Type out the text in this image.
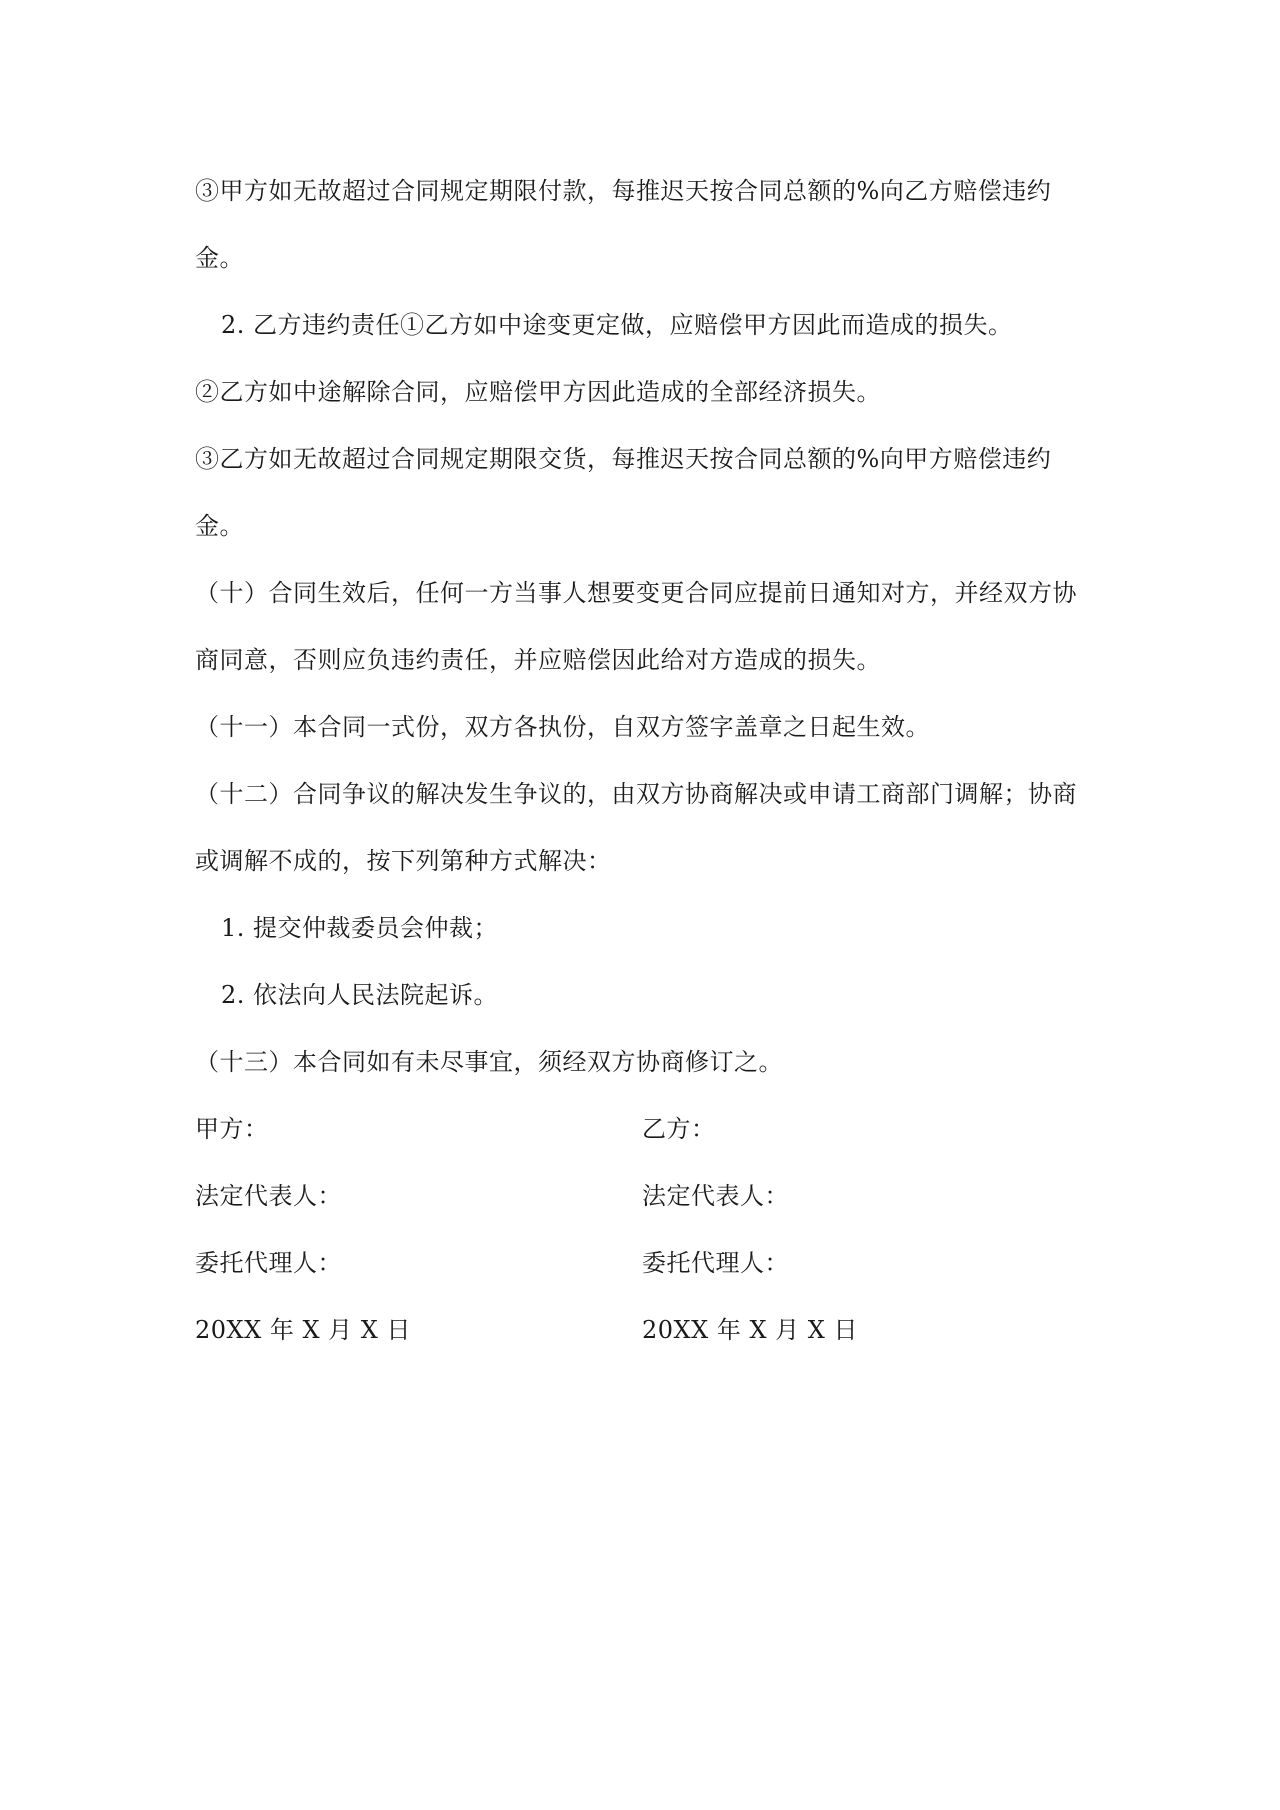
③甲方如无故超过合同规定期限付款，每推迟天按合同总额的%向乙方赔偿违约金。

2. 乙方违约责任①乙方如中途变更定做，应赔偿甲方因此而造成的损失。

②乙方如中途解除合同，应赔偿甲方因此造成的全部经济损失。

③乙方如无故超过合同规定期限交货，每推迟天按合同总额的%向甲方赔偿违约金。

（十）合同生效后，任何一方当事人想要变更合同应提前日通知对方，并经双方协商同意，否则应负违约责任，并应赔偿因此给对方造成的损失。

（十一）本合同一式份，双方各执份，自双方签字盖章之日起生效。

（十二）合同争议的解决发生争议的，由双方协商解决或申请工商部门调解；协商或调解不成的，按下列第种方式解决：

1. 提交仲裁委员会仲裁；

2. 依法向人民法院起诉。

（十三）本合同如有未尽事宜，须经双方协商修订之。

甲方：	乙方：
法定代表人：	法定代表人：
委托代理人：	委托代理人：
20XX 年 X 月 X 日	20XX 年 X 月 X 日
